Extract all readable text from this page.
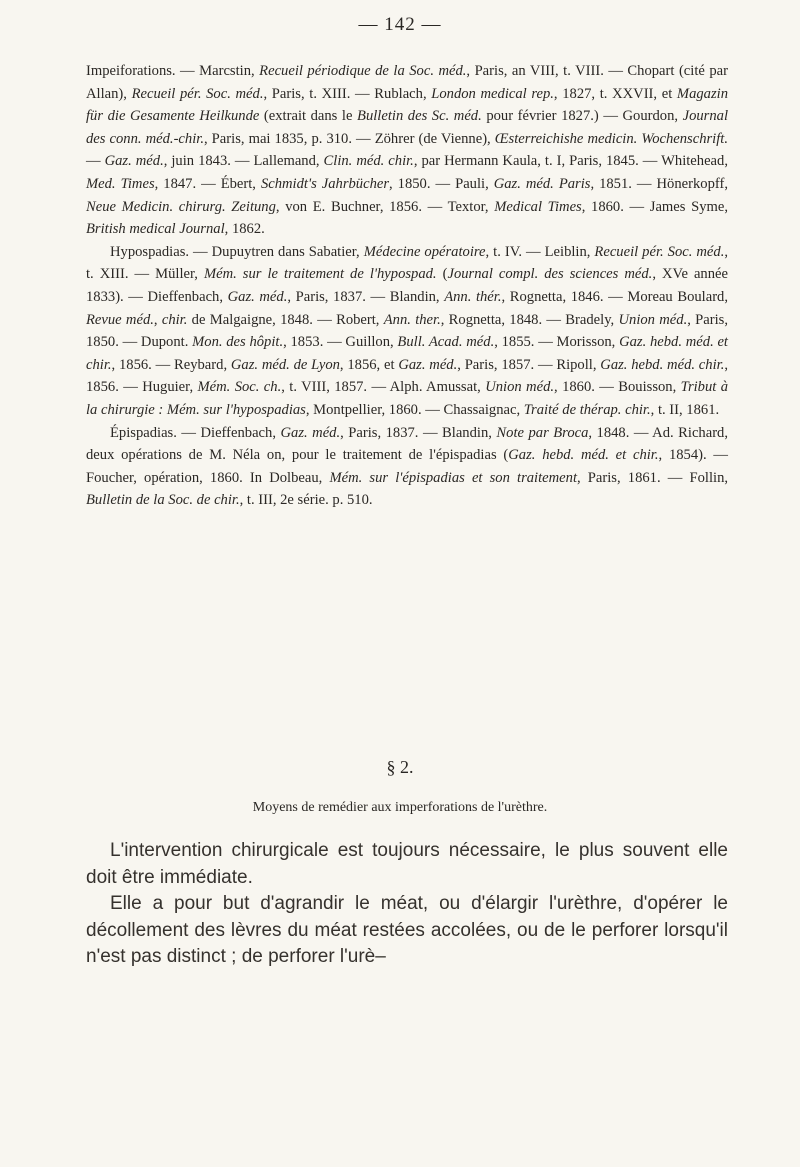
— 142 —

Impeiforations. — Marcstin, Recueil périodique de la Soc. méd., Paris, an VIII, t. VIII. — Chopart (cité par Allan), Recueil pér. Soc. méd., Paris, t. XIII. — Rublach, London medical rep., 1827, t. XXVII, et Magazin für die Gesamente Heilkunde (extrait dans le Bulletin des Sc. méd. pour février 1827.) — Gourdon, Journal des conn. méd.-chir., Paris, mai 1835, p. 310. — Zöhrer (de Vienne), Œsterreichishe medicin. Wochenschrift. — Gaz. méd., juin 1843. — Lallemand, Clin. méd. chir., par Hermann Kaula, t. I, Paris, 1845. — Whitehead, Med. Times, 1847. — Ébert, Schmidt's Jahrbücher, 1850. — Pauli, Gaz. méd. Paris, 1851. — Hönerkopff, Neue Medicin. chirurg. Zeitung, von E. Buchner, 1856. — Textor, Medical Times, 1860. — James Syme, British medical Journal, 1862.

Hypospadias. — Dupuytren dans Sabatier, Médecine opératoire, t. IV. — Leiblin, Recueil pér. Soc. méd., t. XIII. — Müller, Mém. sur le traitement de l'hypospad. (Journal compl. des sciences méd., XVe année 1833). — Dieffenbach, Gaz. méd., Paris, 1837. — Blandin, Ann. thér., Rognetta, 1846. — Moreau Boulard, Revue méd., chir. de Malgaigne, 1848. — Robert, Ann. ther., Rognetta, 1848. — Bradely, Union méd., Paris, 1850. — Dupont. Mon. des hôpit., 1853. — Guillon, Bull. Acad. méd., 1855. — Morisson, Gaz. hebd. méd. et chir., 1856. — Reybard, Gaz. méd. de Lyon, 1856, et Gaz. méd., Paris, 1857. — Ripoll, Gaz. hebd. méd. chir., 1856. — Huguier, Mém. Soc. ch., t. VIII, 1857. — Alph. Amussat, Union méd., 1860. — Bouisson, Tribut à la chirurgie : Mém. sur l'hypospadias, Montpellier, 1860. — Chassaignac, Traité de thérap. chir., t. II, 1861.

Épispadias. — Dieffenbach, Gaz. méd., Paris, 1837. — Blandin, Note par Broca, 1848. — Ad. Richard, deux opérations de M. Néla on, pour le traitement de l'épispadias (Gaz. hebd. méd. et chir., 1854). — Foucher, opération, 1860. In Dolbeau, Mém. sur l'épispadias et son traitement, Paris, 1861. — Follin, Bulletin de la Soc. de chir., t. III, 2e série. p. 510.

§ 2.
Moyens de remédier aux imperforations de l'urèthre.

L'intervention chirurgicale est toujours nécessaire, le plus souvent elle doit être immédiate.

Elle a pour but d'agrandir le méat, ou d'élargir l'urèthre, d'opérer le décollement des lèvres du méat restées accolées, ou de le perforer lorsqu'il n'est pas distinct ; de perforer l'urè–
